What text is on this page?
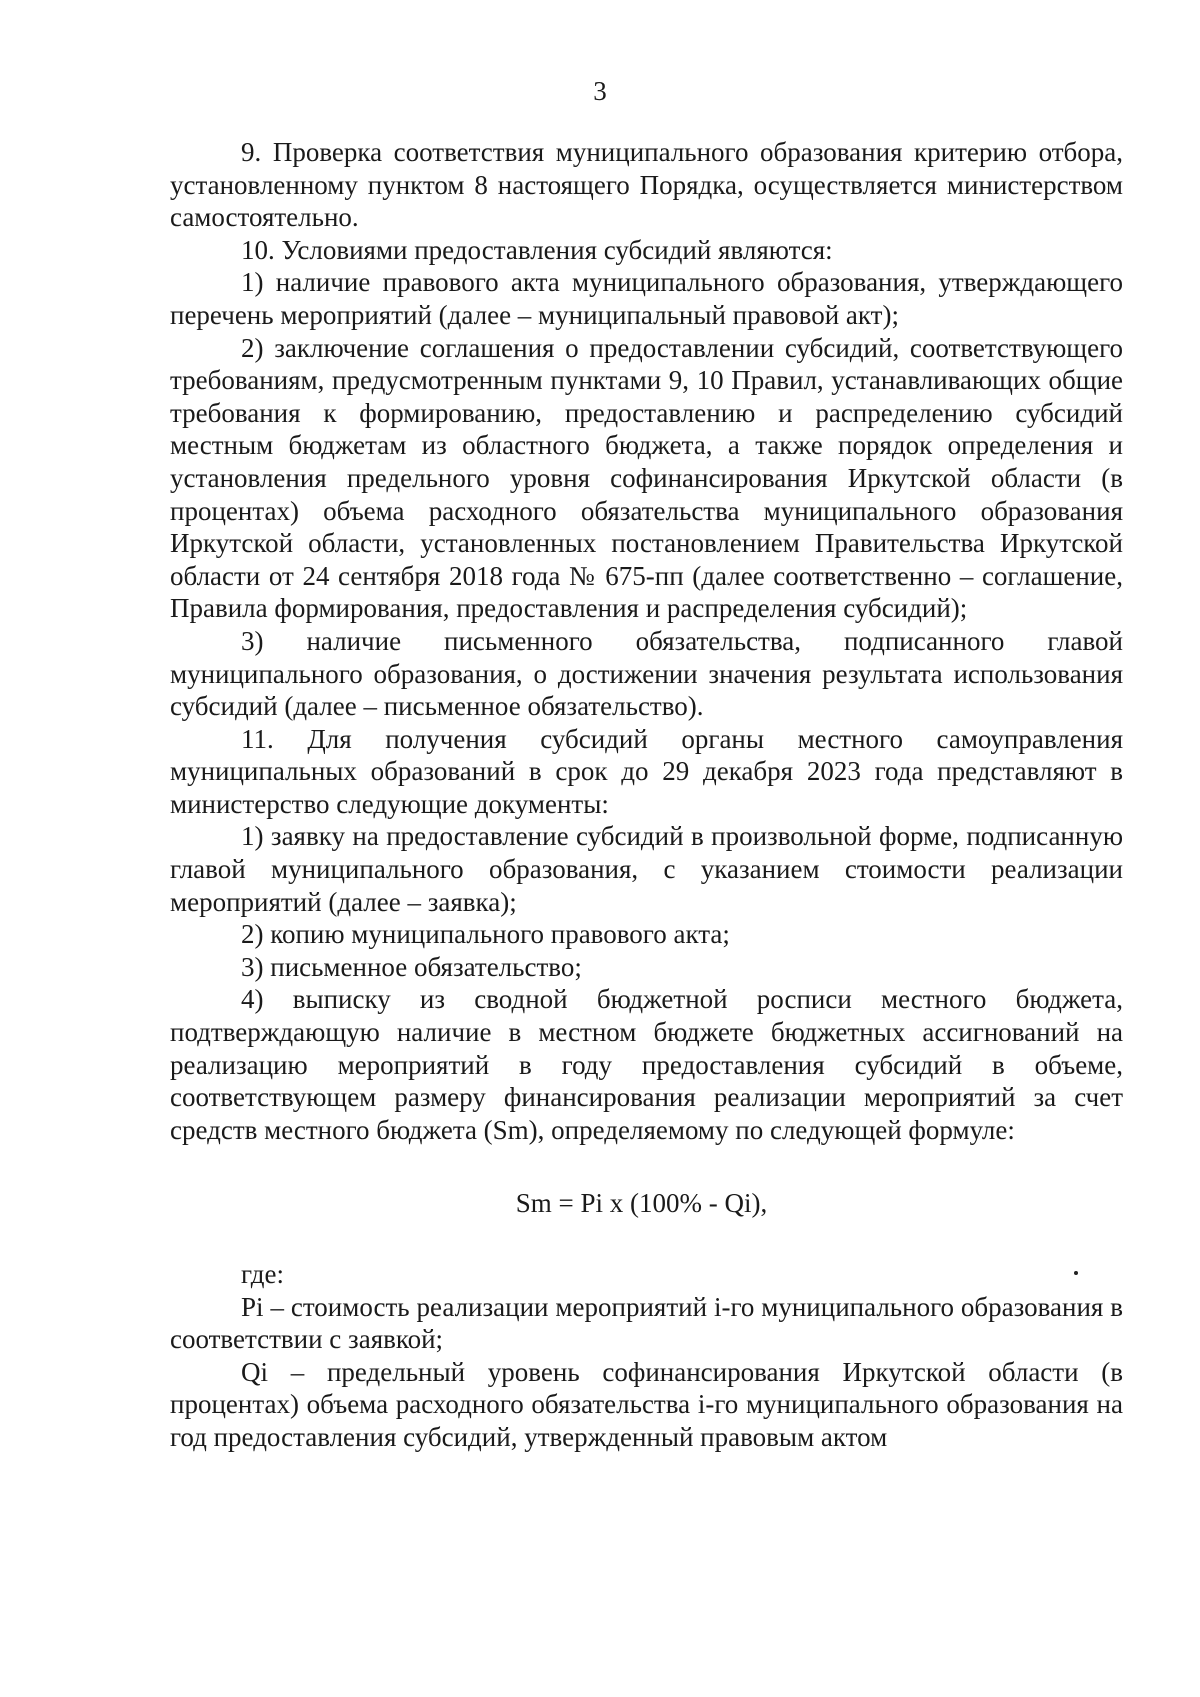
3

9. Проверка соответствия муниципального образования критерию отбора, установленному пунктом 8 настоящего Порядка, осуществляется министерством самостоятельно.

10. Условиями предоставления субсидий являются:

1) наличие правового акта муниципального образования, утверждающего перечень мероприятий (далее – муниципальный правовой акт);

2) заключение соглашения о предоставлении субсидий, соответствующего требованиям, предусмотренным пунктами 9, 10 Правил, устанавливающих общие требования к формированию, предоставлению и распределению субсидий местным бюджетам из областного бюджета, а также порядок определения и установления предельного уровня софинансирования Иркутской области (в процентах) объема расходного обязательства муниципального образования Иркутской области, установленных постановлением Правительства Иркутской области от 24 сентября 2018 года № 675-пп (далее соответственно – соглашение, Правила формирования, предоставления и распределения субсидий);

3) наличие письменного обязательства, подписанного главой муниципального образования, о достижении значения результата использования субсидий (далее – письменное обязательство).

11. Для получения субсидий органы местного самоуправления муниципальных образований в срок до 29 декабря 2023 года представляют в министерство следующие документы:

1) заявку на предоставление субсидий в произвольной форме, подписанную главой муниципального образования, с указанием стоимости реализации мероприятий (далее – заявка);

2) копию муниципального правового акта;

3) письменное обязательство;

4) выписку из сводной бюджетной росписи местного бюджета, подтверждающую наличие в местном бюджете бюджетных ассигнований на реализацию мероприятий в году предоставления субсидий в объеме, соответствующем размеру финансирования реализации мероприятий за счет средств местного бюджета (Sm), определяемому по следующей формуле:

Sm = Pi х (100% - Qi),

где:

Pi – стоимость реализации мероприятий i-го муниципального образования в соответствии с заявкой;

Qi – предельный уровень софинансирования Иркутской области (в процентах) объема расходного обязательства i-го муниципального образования на год предоставления субсидий, утвержденный правовым актом
